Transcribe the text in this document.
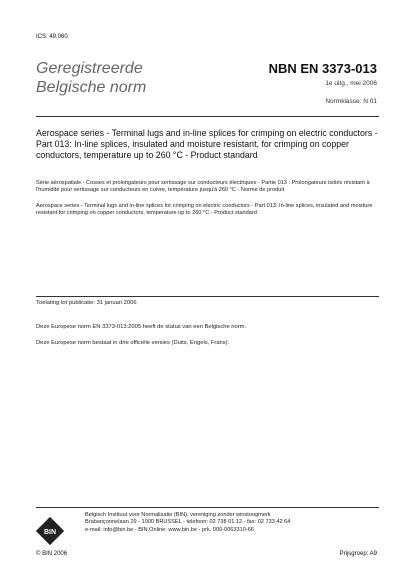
ICS: 49.060
Geregistreerde
Belgische norm
NBN EN 3373-013
1e uitg., mei 2006
Normklasse: N 01
Aerospace series - Terminal lugs and in-line splices for crimping on electric conductors - Part 013: In-line splices, insulated and moisture resistant, for crimping on copper conductors, temperature up to 260 °C - Product standard
Série aérospatiale - Cosses et prolongateurs pour sertissage sur conducteurs électriques - Partie 013 : Prolongateurs isolés résistant à l'humidité pour sertissage sur conducteurs en cuivre, température jusqu'à 260 °C - Norme de produit
Aerospace series - Terminal lugs and in-line splices for crimping on electric conductors - Part 013: In-line splices, insulated and moisture resistant for crimping on copper conductors, temperature up to 260 °C - Product standard
Toelating tot publicatie: 31 januari 2006
Deze Europese norm EN 3373-013:2005 heeft de status van een Belgische norm.
Deze Europese norm bestaat in drie officiële versies (Duits, Engels, Frans).
BIN
Belgisch Instituut voor Normalisatie (BIN), vereniging zonder winstoogmerk
Brabançonnelaan 29 - 1000 BRUSSEL - telefoon: 02 738 01 12 - fax: 02 733 42 64
e-mail: info@bin.be - BIN Online: www.bin.be - prk. 000-0063310-66
© BIN 2006	Prijsgroep: A9
